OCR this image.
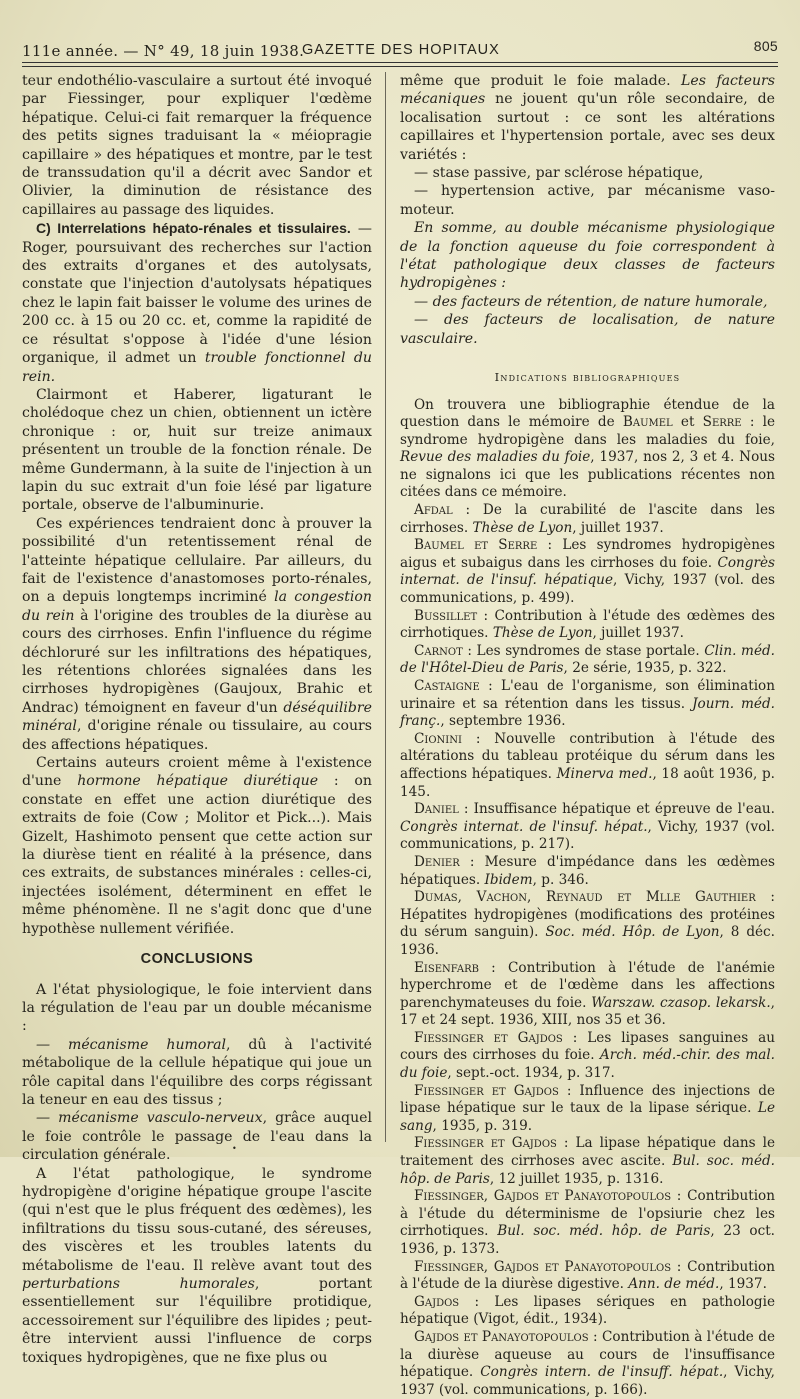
111e année. — N° 49, 18 juin 1938.
GAZETTE DES HOPITAUX	805

teur endothélio-vasculaire a surtout été invoqué par Fiessinger, pour expliquer l'œdème hépatique. Celui-ci fait remarquer la fréquence des petits signes traduisant la « méiopragie capillaire » des hépatiques et montre, par le test de transsudation qu'il a décrit avec Sandor et Olivier, la diminution de résistance des capillaires au passage des liquides.

C) Interrelations hépato-rénales et tissulaires. — Roger, poursuivant des recherches sur l'action des extraits d'organes et des autolysats, constate que l'injection d'autolysats hépatiques chez le lapin fait baisser le volume des urines de 200 cc. à 15 ou 20 cc. et, comme la rapidité de ce résultat s'oppose à l'idée d'une lésion organique, il admet un trouble fonctionnel du rein.

Clairmont et Haberer, ligaturant le cholédoque chez un chien, obtiennent un ictère chronique : or, huit sur treize animaux présentent un trouble de la fonction rénale. De même Gundermann, à la suite de l'injection à un lapin du suc extrait d'un foie lésé par ligature portale, observe de l'albuminurie.

Ces expériences tendraient donc à prouver la possibilité d'un retentissement rénal de l'atteinte hépatique cellulaire. Par ailleurs, du fait de l'existence d'anastomoses porto-rénales, on a depuis longtemps incriminé la congestion du rein à l'origine des troubles de la diurèse au cours des cirrhoses. Enfin l'influence du régime déchloruré sur les infiltrations des hépatiques, les rétentions chlorées signalées dans les cirrhoses hydropigènes (Gaujoux, Brahic et Andrac) témoignent en faveur d'un déséquilibre minéral, d'origine rénale ou tissulaire, au cours des affections hépatiques.

Certains auteurs croient même à l'existence d'une hormone hépatique diurétique : on constate en effet une action diurétique des extraits de foie (Cow ; Molitor et Pick...). Mais Gizelt, Hashimoto pensent que cette action sur la diurèse tient en réalité à la présence, dans ces extraits, de substances minérales : celles-ci, injectées isolément, déterminent en effet le même phénomène. Il ne s'agit donc que d'une hypothèse nullement vérifiée.

CONCLUSIONS

A l'état physiologique, le foie intervient dans la régulation de l'eau par un double mécanisme :

— mécanisme humoral, dû à l'activité métabolique de la cellule hépatique qui joue un rôle capital dans l'équilibre des corps régissant la teneur en eau des tissus ;

— mécanisme vasculo-nerveux, grâce auquel le foie contrôle le passage de l'eau dans la circulation générale.

A l'état pathologique, le syndrome hydropigène d'origine hépatique groupe l'ascite (qui n'est que le plus fréquent des œdèmes), les infiltrations du tissu sous-cutané, des séreuses, des viscères et les troubles latents du métabolisme de l'eau. Il relève avant tout des perturbations humorales, portant essentiellement sur l'équilibre protidique, accessoirement sur l'équilibre des lipides ; peut-être intervient aussi l'influence de corps toxiques hydropigènes, que ne fixe plus ou

même que produit le foie malade. Les facteurs mécaniques ne jouent qu'un rôle secondaire, de localisation surtout : ce sont les altérations capillaires et l'hypertension portale, avec ses deux variétés :

— stase passive, par sclérose hépatique,

— hypertension active, par mécanisme vaso-moteur.

En somme, au double mécanisme physiologique de la fonction aqueuse du foie correspondent à l'état pathologique deux classes de facteurs hydropigènes :

— des facteurs de rétention, de nature humorale,

— des facteurs de localisation, de nature vasculaire.

Indications bibliographiques

On trouvera une bibliographie étendue de la question dans le mémoire de Baumel et Serre : le syndrome hydropigène dans les maladies du foie, Revue des maladies du foie, 1937, nos 2, 3 et 4. Nous ne signalons ici que les publications récentes non citées dans ce mémoire.

Afdal : De la curabilité de l'ascite dans les cirrhoses. Thèse de Lyon, juillet 1937.

Baumel et Serre : Les syndromes hydropigènes aigus et subaigus dans les cirrhoses du foie. Congrès internat. de l'insuf. hépatique, Vichy, 1937 (vol. des communications, p. 499).

Bussillet : Contribution à l'étude des œdèmes des cirrhotiques. Thèse de Lyon, juillet 1937.

Carnot : Les syndromes de stase portale. Clin. méd. de l'Hôtel-Dieu de Paris, 2e série, 1935, p. 322.

Castaigne : L'eau de l'organisme, son élimination urinaire et sa rétention dans les tissus. Journ. méd. franç., septembre 1936.

Cionini : Nouvelle contribution à l'étude des altérations du tableau protéique du sérum dans les affections hépatiques. Minerva med., 18 août 1936, p. 145.

Daniel : Insuffisance hépatique et épreuve de l'eau. Congrès internat. de l'insuf. hépat., Vichy, 1937 (vol. communications, p. 217).

Denier : Mesure d'impédance dans les œdèmes hépatiques. Ibidem, p. 346.

Dumas, Vachon, Reynaud et Mlle Gauthier : Hépatites hydropigènes (modifications des protéines du sérum sanguin). Soc. méd. Hôp. de Lyon, 8 déc. 1936.

Eisenfarb : Contribution à l'étude de l'anémie hyperchrome et de l'œdème dans les affections parenchymateuses du foie. Warszaw. czasop. lekarsk., 17 et 24 sept. 1936, XIII, nos 35 et 36.

Fiessinger et Gajdos : Les lipases sanguines au cours des cirrhoses du foie. Arch. méd.-chir. des mal. du foie, sept.-oct. 1934, p. 317.

Fiessinger et Gajdos : Influence des injections de lipase hépatique sur le taux de la lipase sérique. Le sang, 1935, p. 319.

Fiessinger et Gajdos : La lipase hépatique dans le traitement des cirrhoses avec ascite. Bul. soc. méd. hôp. de Paris, 12 juillet 1935, p. 1316.

Fiessinger, Gajdos et Panayotopoulos : Contribution à l'étude du déterminisme de l'opsiurie chez les cirrhotiques. Bul. soc. méd. hôp. de Paris, 23 oct. 1936, p. 1373.

Fiessinger, Gajdos et Panayotopoulos : Contribution à l'étude de la diurèse digestive. Ann. de méd., 1937.

Gajdos : Les lipases sériques en pathologie hépatique (Vigot, édit., 1934).

Gajdos et Panayotopoulos : Contribution à l'étude de la diurèse aqueuse au cours de l'insuffisance hépatique. Congrès intern. de l'insuff. hépat., Vichy, 1937 (vol. communications, p. 166).

•
